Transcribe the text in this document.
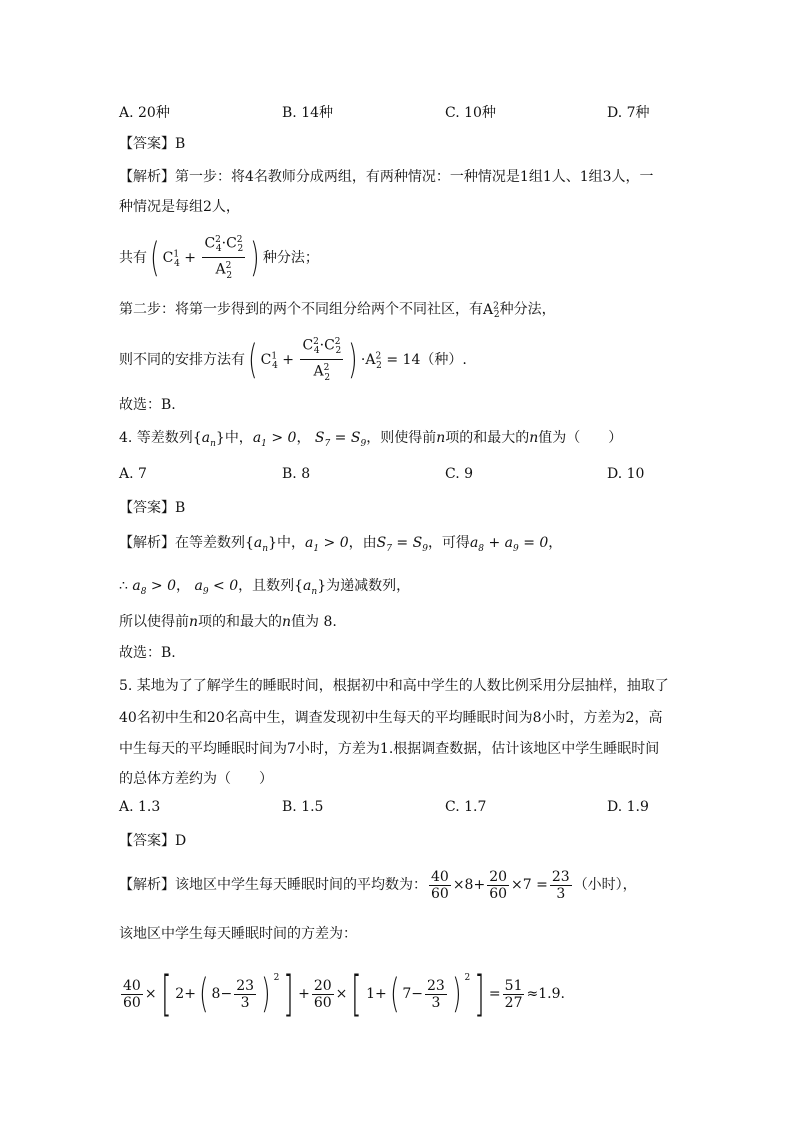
A. 20种	B. 14种	C. 10种	D. 7种
【答案】B
【解析】第一步：将4名教师分成两组，有两种情况：一种情况是1组1人、1组3人，一
种情况是每组2人，
共有( $C^1_4 + \frac{C^2_4\cdot C^2_2}{A^2_2}$ ) 种分法；
第二步：将第一步得到的两个不同组分给两个不同社区，有$A^2_2$种分法，
则不同的安排方法有( $C^1_4 + \frac{C^2_4\cdot C^2_2}{A^2_2}$ ) $\cdot A^2_2 = 14$（种）.
故选：B.
4. 等差数列$\{a_n\}$中，$a_1 > 0$， $S_7 = S_9$，则使得前n项的和最大的n值为（　　）
A. 7	B. 8	C. 9	D. 10
【答案】B
【解析】在等差数列$\{a_n\}$中，$a_1 > 0$，由$S_7 = S_9$，可得$a_8 + a_9 = 0$，
∴ $a_8 > 0$， $a_9 < 0$，且数列$\{a_n\}$为递减数列，
所以使得前n项的和最大的n值为 8.
故选：B.
5. 某地为了了解学生的睡眠时间，根据初中和高中学生的人数比例采用分层抽样，抽取了
40名初中生和20名高中生，调查发现初中生每天的平均睡眠时间为8小时，方差为2，高
中生每天的平均睡眠时间为7小时，方差为1.根据调查数据，估计该地区中学生睡眠时间
的总体方差约为（　　）
A. 1.3	B. 1.5	C. 1.7	D. 1.9
【答案】D
【解析】该地区中学生每天睡眠时间的平均数为： $\frac{40}{60} \times 8+ \frac{20}{60} \times 7 = \frac{23}{3}$ （小时），
该地区中学生每天睡眠时间的方差为：
$\frac{40}{60}$ ×[ 2+( $8- \frac{23}{3}$ ) $^2] + \frac{20}{60}$ ×[ 1+( $7- \frac{23}{3}$ ) $^2] = \frac{51}{27} \approx 1.9$.
